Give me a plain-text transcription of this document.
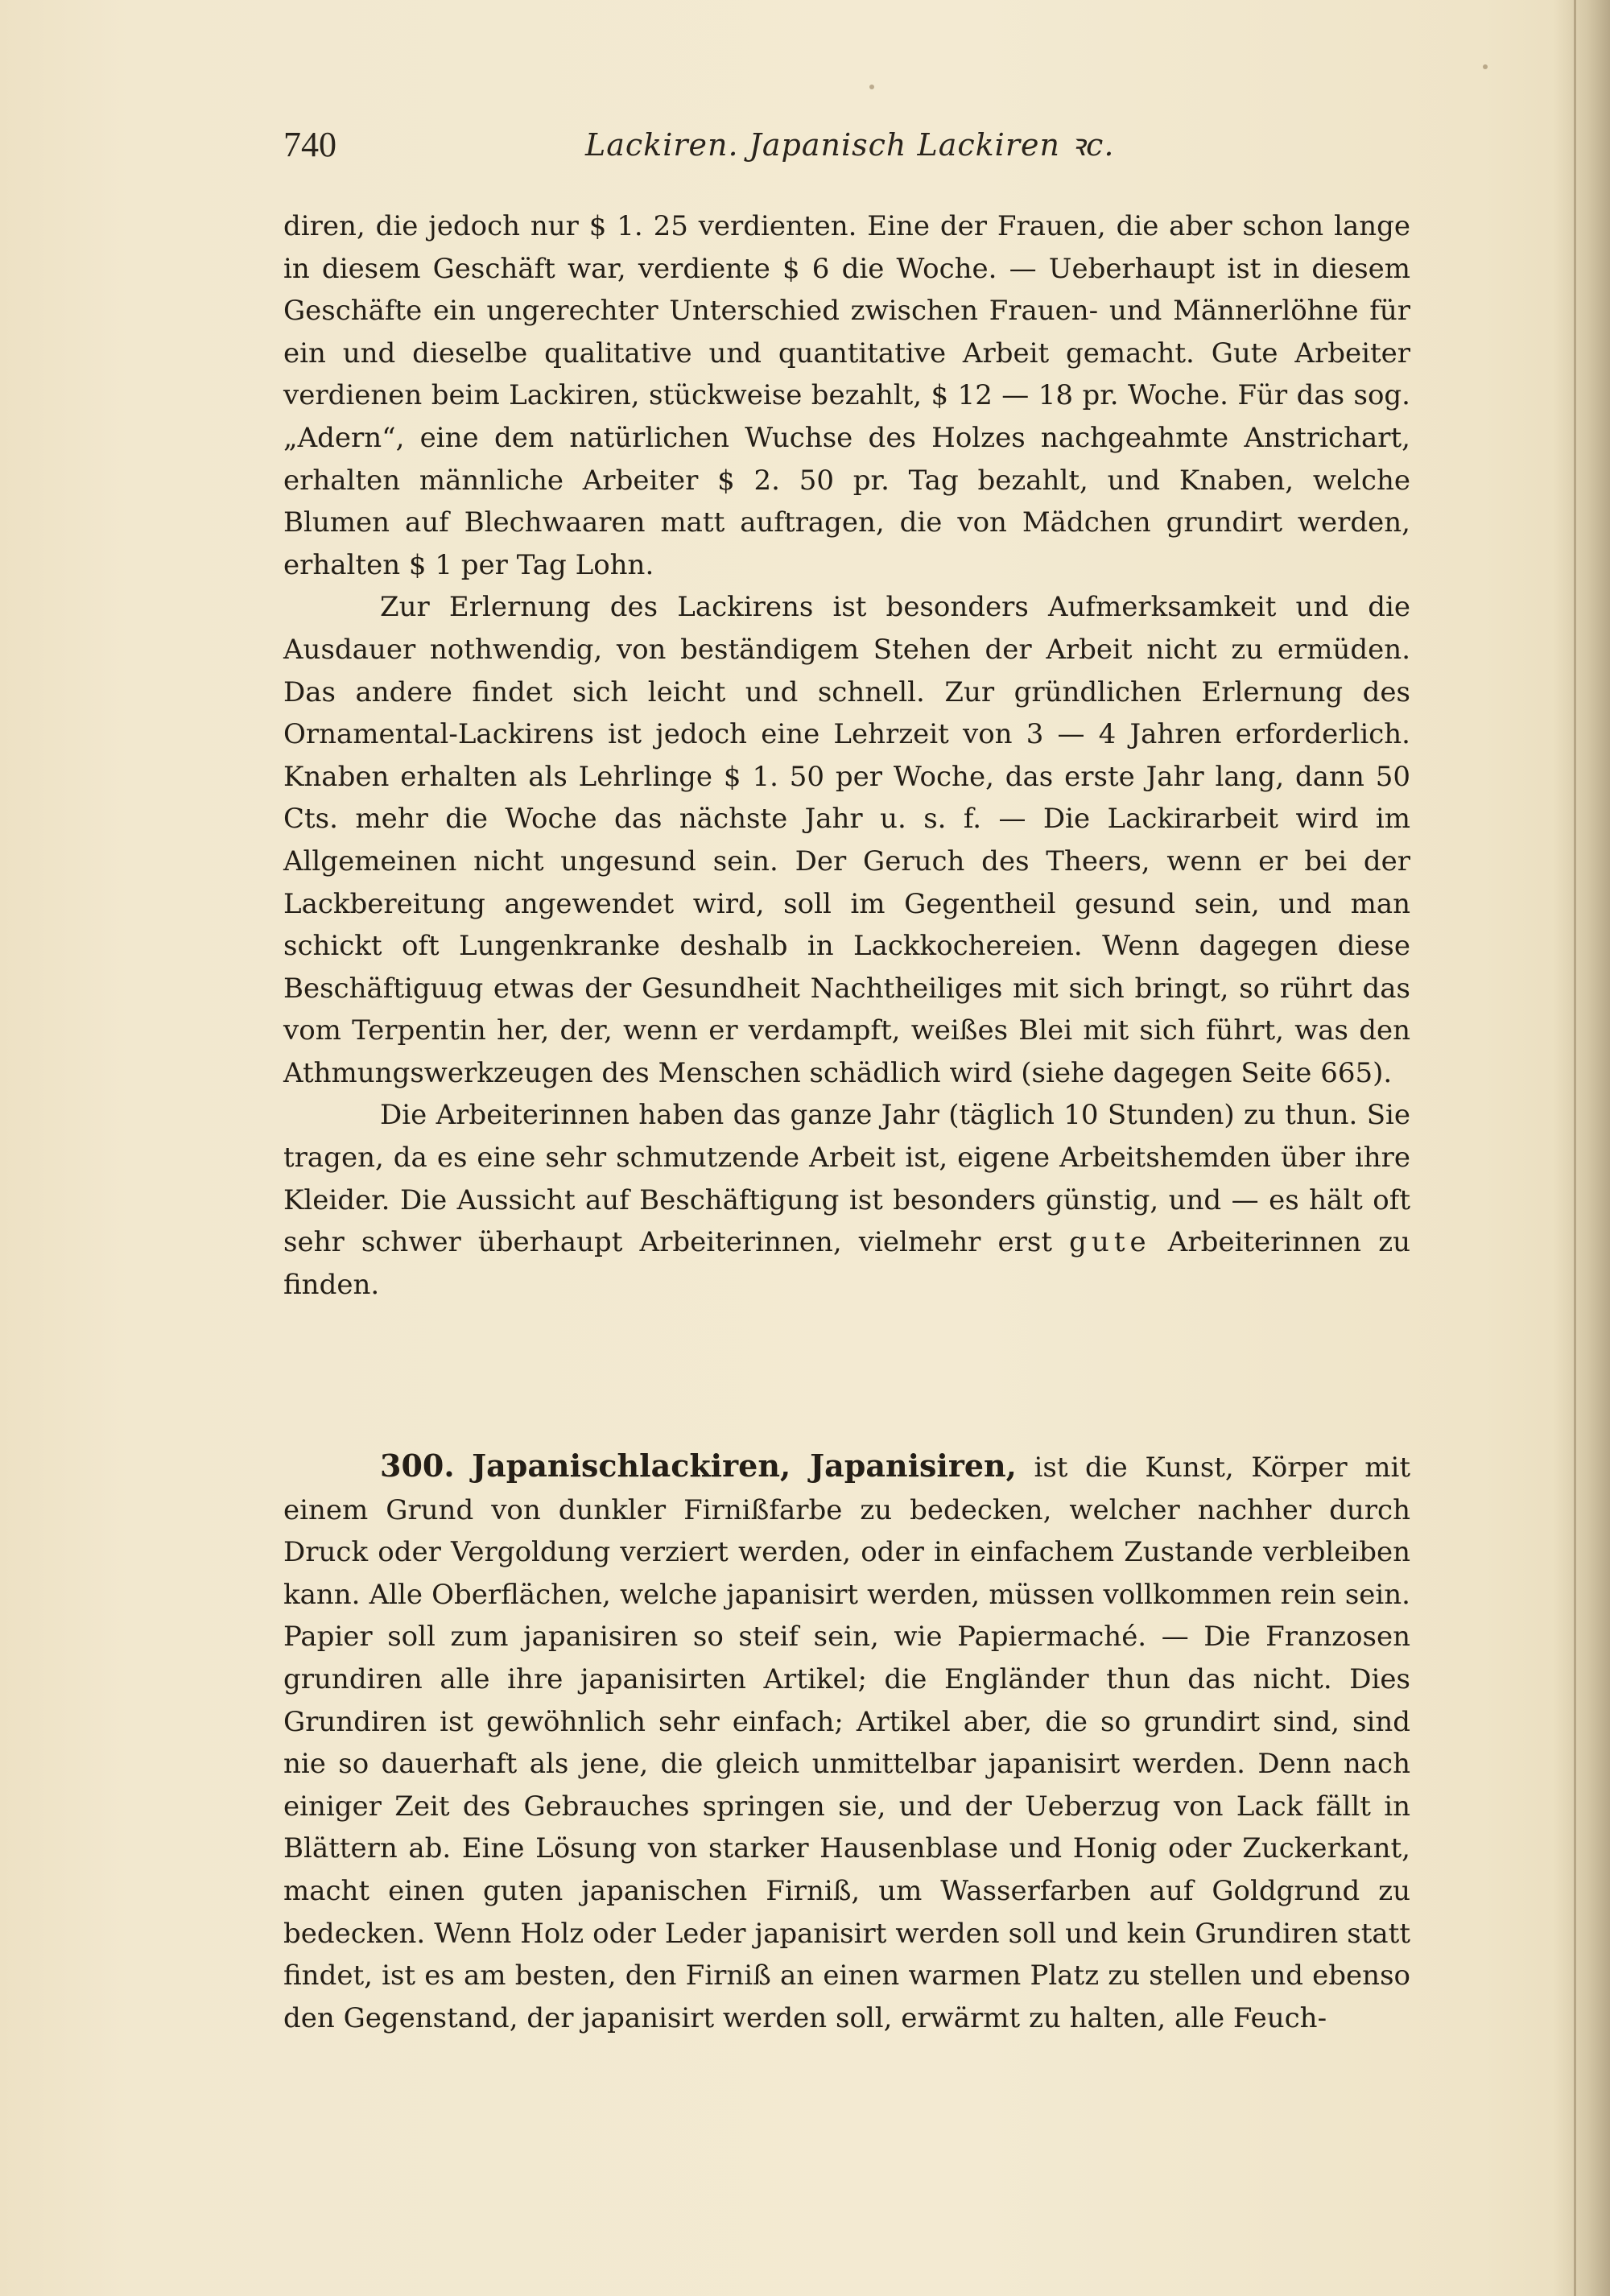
740	Lackiren. Japanisch Lackiren ꝛc.

diren, die jedoch nur $ 1. 25 verdienten. Eine der Frauen, die aber schon lange in diesem Geschäft war, verdiente $ 6 die Woche. — Ueberhaupt ist in diesem Geschäfte ein ungerechter Unterschied zwischen Frauen- und Männerlöhne für ein und dieselbe qualitative und quantitative Arbeit gemacht. Gute Arbeiter verdienen beim Lackiren, stückweise bezahlt, $ 12 — 18 pr. Woche. Für das sog. „Adern“, eine dem natürlichen Wuchse des Holzes nachgeahmte Anstrichart, erhalten männliche Arbeiter $ 2. 50 pr. Tag bezahlt, und Knaben, welche Blumen auf Blechwaaren matt auftragen, die von Mädchen grundirt werden, erhalten $ 1 per Tag Lohn.

Zur Erlernung des Lackirens ist besonders Aufmerksamkeit und die Ausdauer nothwendig, von beständigem Stehen der Arbeit nicht zu ermüden. Das andere findet sich leicht und schnell. Zur gründlichen Erlernung des Ornamental-Lackirens ist jedoch eine Lehrzeit von 3 — 4 Jahren erforderlich. Knaben erhalten als Lehrlinge $ 1. 50 per Woche, das erste Jahr lang, dann 50 Cts. mehr die Woche das nächste Jahr u. s. f. — Die Lackirarbeit wird im Allgemeinen nicht ungesund sein. Der Geruch des Theers, wenn er bei der Lackbereitung angewendet wird, soll im Gegentheil gesund sein, und man schickt oft Lungenkranke deshalb in Lackkochereien. Wenn dagegen diese Beschäftiguug etwas der Gesundheit Nachtheiliges mit sich bringt, so rührt das vom Terpentin her, der, wenn er verdampft, weißes Blei mit sich führt, was den Athmungswerkzeugen des Menschen schädlich wird (siehe dagegen Seite 665).

Die Arbeiterinnen haben das ganze Jahr (täglich 10 Stunden) zu thun. Sie tragen, da es eine sehr schmutzende Arbeit ist, eigene Arbeitshemden über ihre Kleider. Die Aussicht auf Beschäftigung ist besonders günstig, und — es hält oft sehr schwer überhaupt Arbeiterinnen, vielmehr erst gute Arbeiterinnen zu finden.

300. Japanischlackiren, Japanisiren, ist die Kunst, Körper mit einem Grund von dunkler Firnißfarbe zu bedecken, welcher nachher durch Druck oder Vergoldung verziert werden, oder in einfachem Zustande verbleiben kann. Alle Oberflächen, welche japanisirt werden, müssen vollkommen rein sein. Papier soll zum japanisiren so steif sein, wie Papiermaché. — Die Franzosen grundiren alle ihre japanisirten Artikel; die Engländer thun das nicht. Dies Grundiren ist gewöhnlich sehr einfach; Artikel aber, die so grundirt sind, sind nie so dauerhaft als jene, die gleich unmittelbar japanisirt werden. Denn nach einiger Zeit des Gebrauches springen sie, und der Ueberzug von Lack fällt in Blättern ab. Eine Lösung von starker Hausenblase und Honig oder Zuckerkant, macht einen guten japanischen Firniß, um Wasserfarben auf Goldgrund zu bedecken. Wenn Holz oder Leder japanisirt werden soll und kein Grundiren statt findet, ist es am besten, den Firniß an einen warmen Platz zu stellen und ebenso den Gegenstand, der japanisirt werden soll, erwärmt zu halten, alle Feuch-
